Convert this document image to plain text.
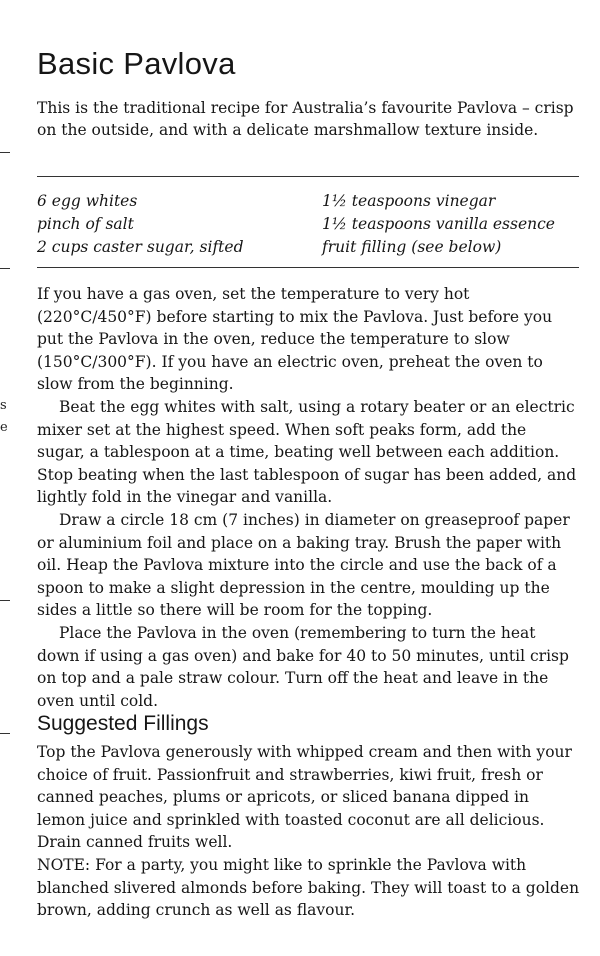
Basic Pavlova

This is the traditional recipe for Australia’s favourite Pavlova – crisp on the outside, and with a delicate marshmallow texture inside.

s
e
6 egg whites
pinch of salt
2 cups caster sugar, sifted
1½ teaspoons vinegar
1½ teaspoons vanilla essence
fruit filling (see below)

If you have a gas oven, set the temperature to very hot (220°C/450°F) before starting to mix the Pavlova. Just before you put the Pavlova in the oven, reduce the temperature to slow (150°C/300°F). If you have an electric oven, preheat the oven to slow from the beginning.

Beat the egg whites with salt, using a rotary beater or an electric mixer set at the highest speed. When soft peaks form, add the sugar, a tablespoon at a time, beating well between each addition. Stop beating when the last tablespoon of sugar has been added, and lightly fold in the vinegar and vanilla.

Draw a circle 18 cm (7 inches) in diameter on greaseproof paper or aluminium foil and place on a baking tray. Brush the paper with oil. Heap the Pavlova mixture into the circle and use the back of a spoon to make a slight depression in the centre, moulding up the sides a little so there will be room for the topping.

Place the Pavlova in the oven (remembering to turn the heat down if using a gas oven) and bake for 40 to 50 minutes, until crisp on top and a pale straw colour. Turn off the heat and leave in the oven until cold.

Suggested Fillings

Top the Pavlova generously with whipped cream and then with your choice of fruit. Passionfruit and strawberries, kiwi fruit, fresh or canned peaches, plums or apricots, or sliced banana dipped in lemon juice and sprinkled with toasted coconut are all delicious. Drain canned fruits well.

NOTE: For a party, you might like to sprinkle the Pavlova with blanched slivered almonds before baking. They will toast to a golden brown, adding crunch as well as flavour.
